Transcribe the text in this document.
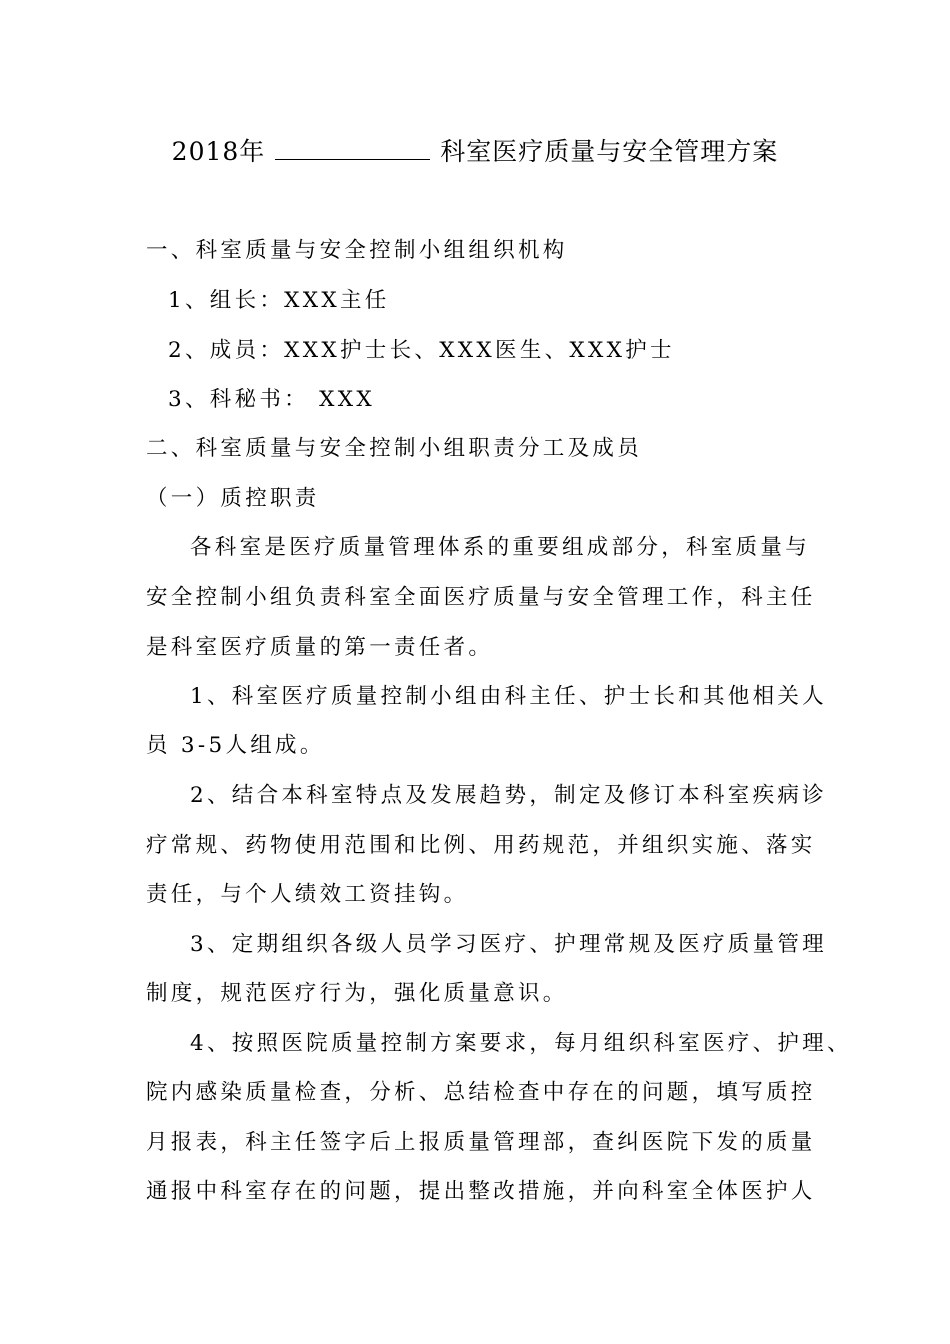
2018年	科室医疗质量与安全管理方案
一、科室质量与安全控制小组组织机构
1、组长：XXX主任
2、成员：XXX护士长、XXX医生、XXX护士
3、科秘书： XXX
二、科室质量与安全控制小组职责分工及成员
（一）质控职责
各科室是医疗质量管理体系的重要组成部分，科室质量与
安全控制小组负责科室全面医疗质量与安全管理工作，科主任
是科室医疗质量的第一责任者。
1、科室医疗质量控制小组由科主任、护士长和其他相关人
员 3-5人组成。
2、结合本科室特点及发展趋势，制定及修订本科室疾病诊
疗常规、药物使用范围和比例、用药规范，并组织实施、落实
责任，与个人绩效工资挂钩。
3、定期组织各级人员学习医疗、护理常规及医疗质量管理
制度，规范医疗行为，强化质量意识。
4、按照医院质量控制方案要求，每月组织科室医疗、护理、
院内感染质量检查，分析、总结检查中存在的问题，填写质控
月报表，科主任签字后上报质量管理部，查纠医院下发的质量
通报中科室存在的问题，提出整改措施，并向科室全体医护人
